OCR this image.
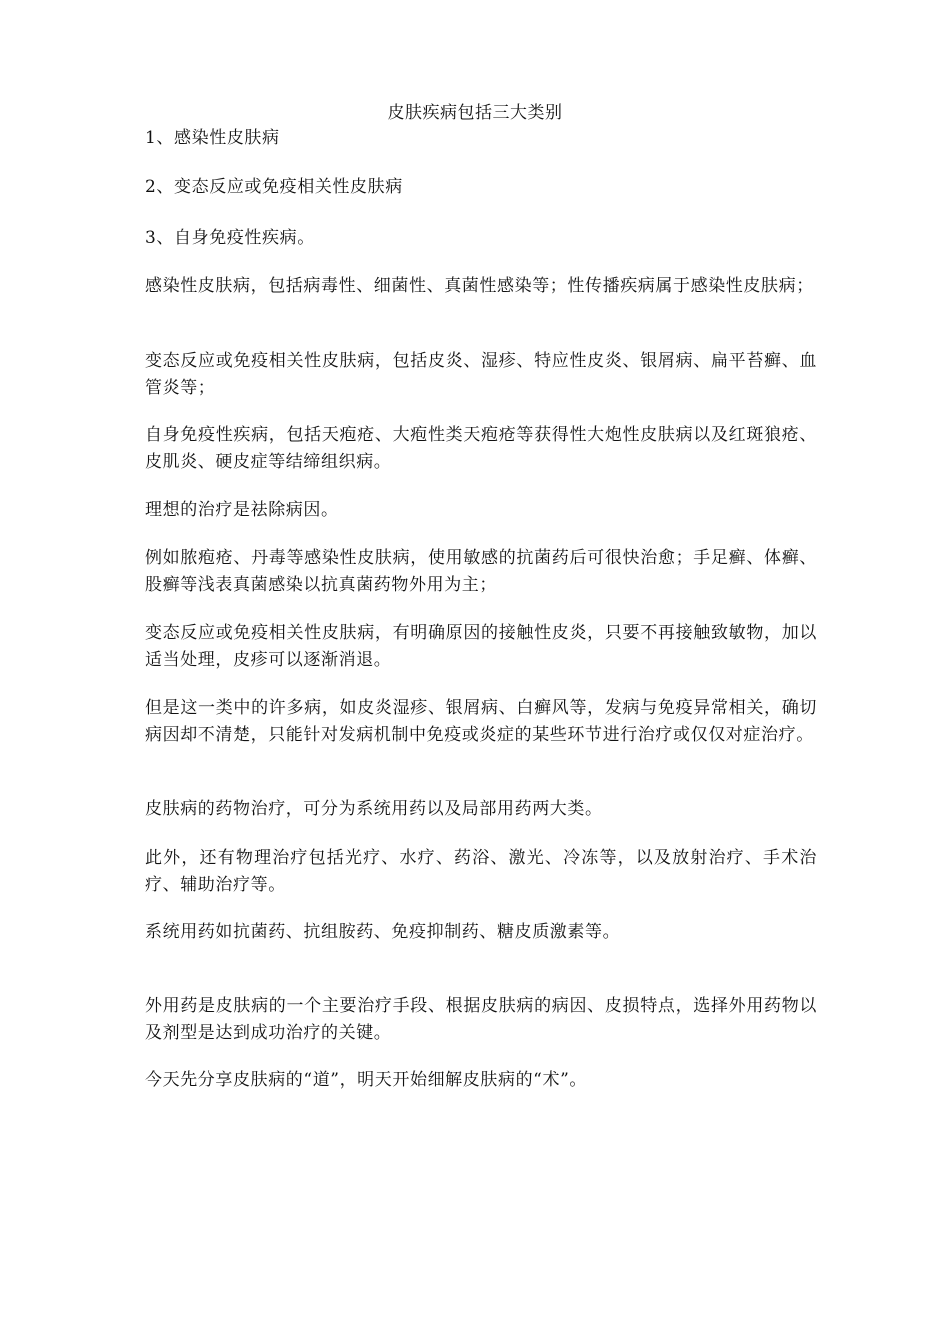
皮肤疾病包括三大类别

1、感染性皮肤病

2、变态反应或免疫相关性皮肤病

3、自身免疫性疾病。

感染性皮肤病，包括病毒性、细菌性、真菌性感染等；性传播疾病属于感染性皮肤病；

变态反应或免疫相关性皮肤病，包括皮炎、湿疹、特应性皮炎、银屑病、扁平苔癣、血管炎等；

自身免疫性疾病，包括天疱疮、大疱性类天疱疮等获得性大炮性皮肤病以及红斑狼疮、皮肌炎、硬皮症等结缔组织病。

理想的治疗是祛除病因。

例如脓疱疮、丹毒等感染性皮肤病，使用敏感的抗菌药后可很快治愈；手足癣、体癣、股癣等浅表真菌感染以抗真菌药物外用为主；

变态反应或免疫相关性皮肤病，有明确原因的接触性皮炎，只要不再接触致敏物，加以适当处理，皮疹可以逐渐消退。

但是这一类中的许多病，如皮炎湿疹、银屑病、白癣风等，发病与免疫异常相关，确切病因却不清楚，只能针对发病机制中免疫或炎症的某些环节进行治疗或仅仅对症治疗。

皮肤病的药物治疗，可分为系统用药以及局部用药两大类。

此外，还有物理治疗包括光疗、水疗、药浴、激光、冷冻等，以及放射治疗、手术治疗、辅助治疗等。

系统用药如抗菌药、抗组胺药、免疫抑制药、糖皮质激素等。

外用药是皮肤病的一个主要治疗手段、根据皮肤病的病因、皮损特点，选择外用药物以及剂型是达到成功治疗的关键。

今天先分享皮肤病的“道”，明天开始细解皮肤病的“术”。
